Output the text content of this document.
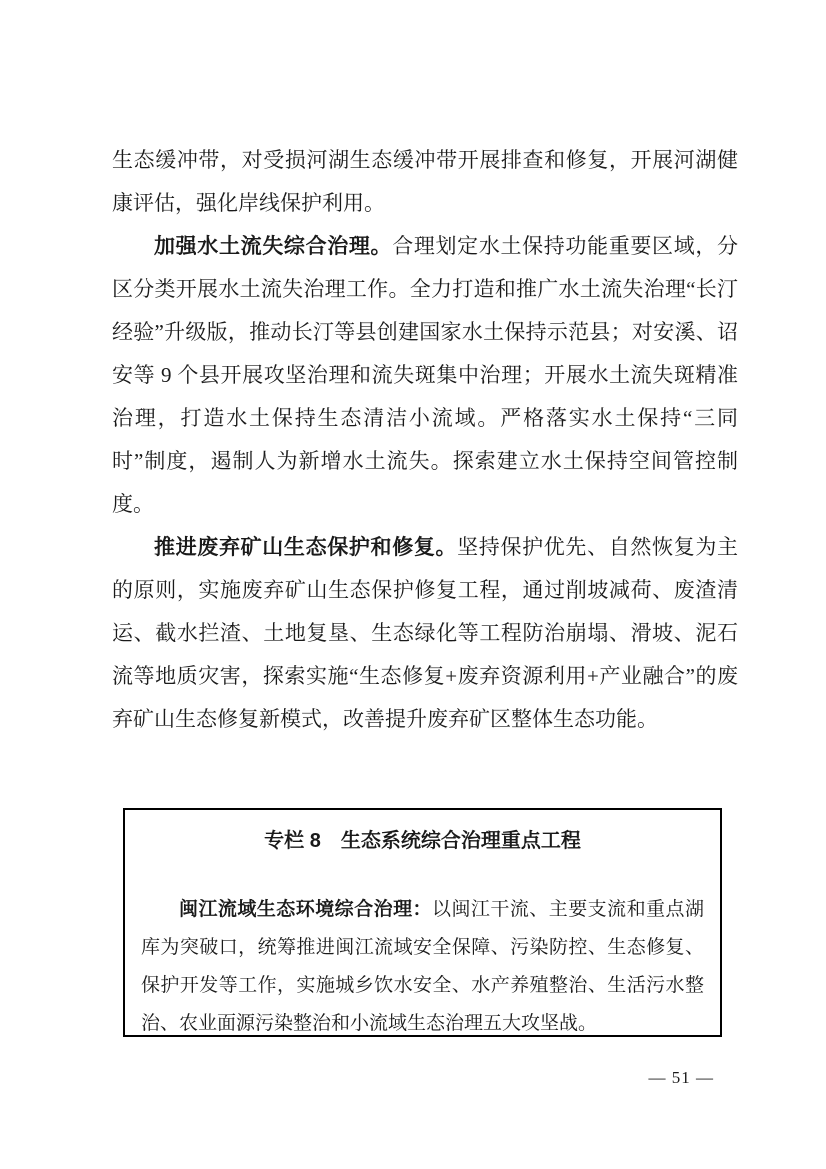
生态缓冲带，对受损河湖生态缓冲带开展排查和修复，开展河湖健康评估，强化岸线保护利用。

加强水土流失综合治理。合理划定水土保持功能重要区域，分区分类开展水土流失治理工作。全力打造和推广水土流失治理“长汀经验”升级版，推动长汀等县创建国家水土保持示范县；对安溪、诏安等 9 个县开展攻坚治理和流失斑集中治理；开展水土流失斑精准治理，打造水土保持生态清洁小流域。严格落实水土保持“三同时”制度，遏制人为新增水土流失。探索建立水土保持空间管控制度。

推进废弃矿山生态保护和修复。坚持保护优先、自然恢复为主的原则，实施废弃矿山生态保护修复工程，通过削坡减荷、废渣清运、截水拦渣、土地复垦、生态绿化等工程防治崩塌、滑坡、泥石流等地质灾害，探索实施“生态修复+废弃资源利用+产业融合”的废弃矿山生态修复新模式，改善提升废弃矿区整体生态功能。

专栏 8　生态系统综合治理重点工程

闽江流域生态环境综合治理：以闽江干流、主要支流和重点湖库为突破口，统筹推进闽江流域安全保障、污染防控、生态修复、保护开发等工作，实施城乡饮水安全、水产养殖整治、生活污水整治、农业面源污染整治和小流域生态治理五大攻坚战。

— 51 —
